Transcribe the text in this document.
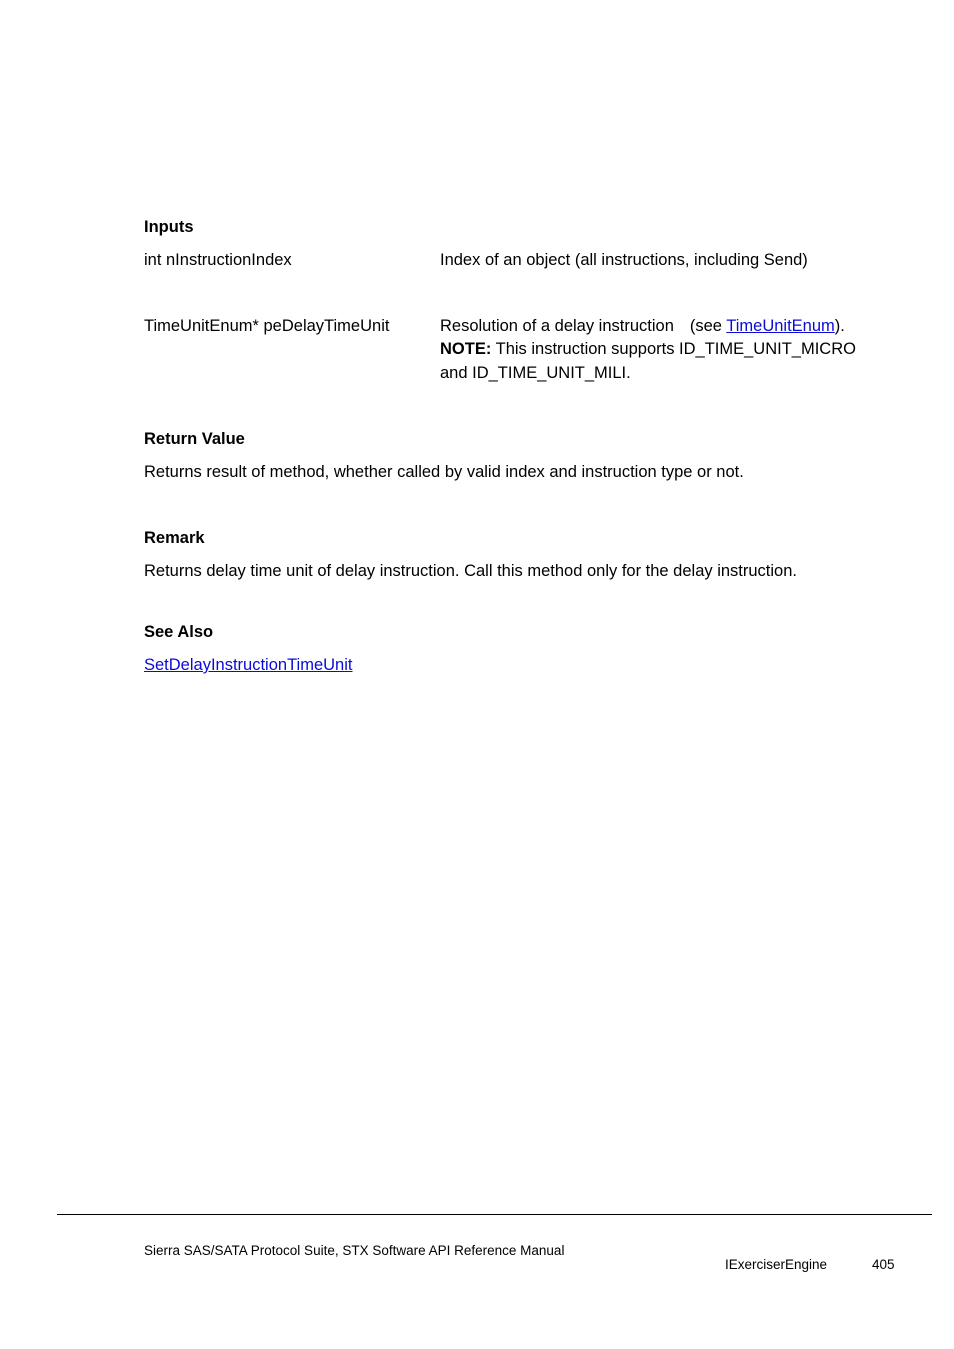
Inputs
int nInstructionIndex	Index of an object (all instructions, including Send)
TimeUnitEnum* peDelayTimeUnit	Resolution of a delay instruction (see TimeUnitEnum).
NOTE: This instruction supports ID_TIME_UNIT_MICRO
and ID_TIME_UNIT_MILI.
Return Value
Returns result of method, whether called by valid index and instruction type or not.
Remark
Returns delay time unit of delay instruction. Call this method only for the delay instruction.
See Also
SetDelayInstructionTimeUnit
Sierra SAS/SATA Protocol Suite, STX Software API Reference Manual
IExerciserEngine	405
